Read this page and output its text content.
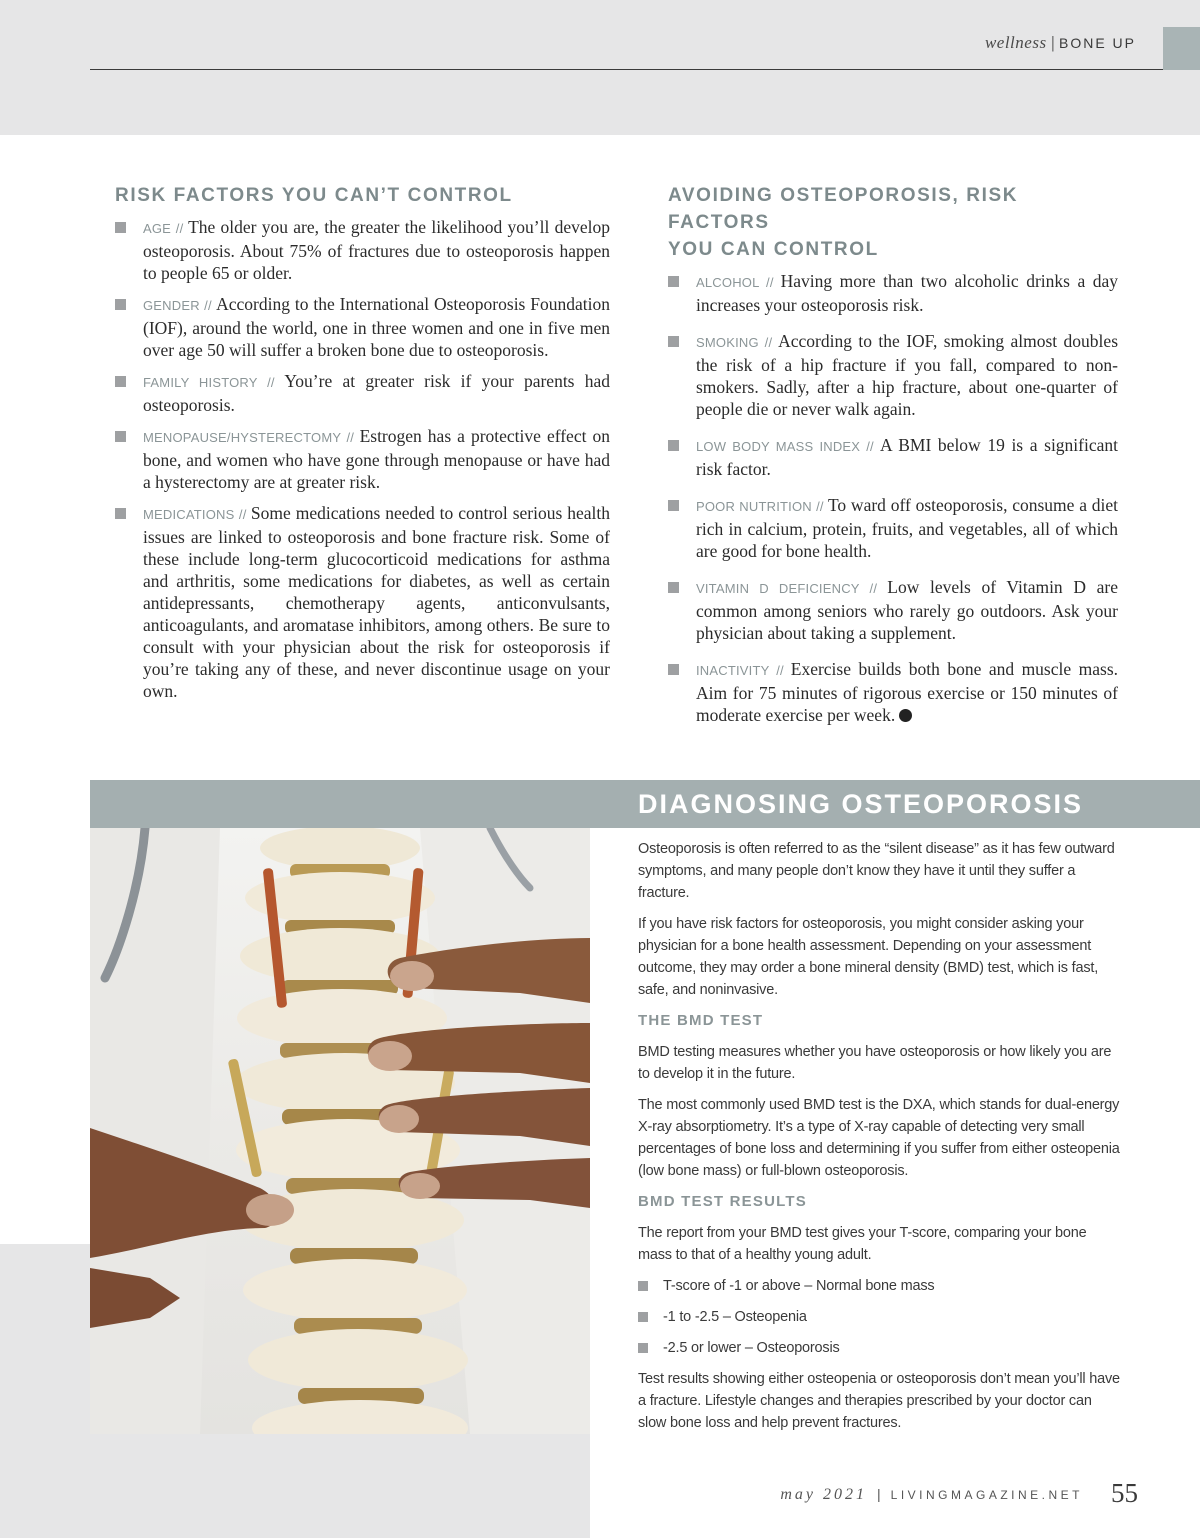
wellness | BONE UP
RISK FACTORS YOU CAN’T CONTROL
AGE // The older you are, the greater the likelihood you’ll develop osteoporosis. About 75% of fractures due to osteoporosis happen to people 65 or older.
GENDER // According to the International Osteoporosis Foundation (IOF), around the world, one in three women and one in five men over age 50 will suffer a broken bone due to osteoporosis.
FAMILY HISTORY // You’re at greater risk if your parents had osteoporosis.
MENOPAUSE/HYSTERECTOMY // Estrogen has a protective effect on bone, and women who have gone through menopause or have had a hysterectomy are at greater risk.
MEDICATIONS // Some medications needed to control serious health issues are linked to osteoporosis and bone fracture risk. Some of these include long-term glucocorticoid medications for asthma and arthritis, some medications for diabetes, as well as certain antidepressants, chemotherapy agents, anticonvulsants, anticoagulants, and aromatase inhibitors, among others. Be sure to consult with your physician about the risk for osteoporosis if you’re taking any of these, and never discontinue usage on your own.
AVOIDING OSTEOPOROSIS, RISK FACTORS
YOU CAN CONTROL
ALCOHOL // Having more than two alcoholic drinks a day increases your osteoporosis risk.
SMOKING // According to the IOF, smoking almost doubles the risk of a hip fracture if you fall, compared to non-smokers. Sadly, after a hip fracture, about one-quarter of people die or never walk again.
LOW BODY MASS INDEX // A BMI below 19 is a significant risk factor.
POOR NUTRITION // To ward off osteoporosis, consume a diet rich in calcium, protein, fruits, and vegetables, all of which are good for bone health.
VITAMIN D DEFICIENCY // Low levels of Vitamin D are common among seniors who rarely go outdoors. Ask your physician about taking a supplement.
INACTIVITY // Exercise builds both bone and muscle mass. Aim for 75 minutes of rigorous exercise or 150 minutes of moderate exercise per week.
DIAGNOSING OSTEOPOROSIS

Osteoporosis is often referred to as the “silent disease” as it has few outward symptoms, and many people don’t know they have it until they suffer a fracture.

If you have risk factors for osteoporosis, you might consider asking your physician for a bone health assessment. Depending on your assessment outcome, they may order a bone mineral density (BMD) test, which is fast, safe, and noninvasive.

THE BMD TEST

BMD testing measures whether you have osteoporosis or how likely you are to develop it in the future.

The most commonly used BMD test is the DXA, which stands for dual-energy X-ray absorptiometry. It’s a type of X-ray capable of detecting very small percentages of bone loss and determining if you suffer from either osteopenia (low bone mass) or full-blown osteoporosis.

BMD TEST RESULTS

The report from your BMD test gives your T-score, comparing your bone mass to that of a healthy young adult.

T-score of -1 or above – Normal bone mass
-1 to -2.5 – Osteopenia
-2.5 or lower – Osteoporosis

Test results showing either osteopenia or osteoporosis don’t mean you’ll have a fracture. Lifestyle changes and therapies prescribed by your doctor can slow bone loss and help prevent fractures.

may 2021 | LIVINGMAGAZINE.NET 55
